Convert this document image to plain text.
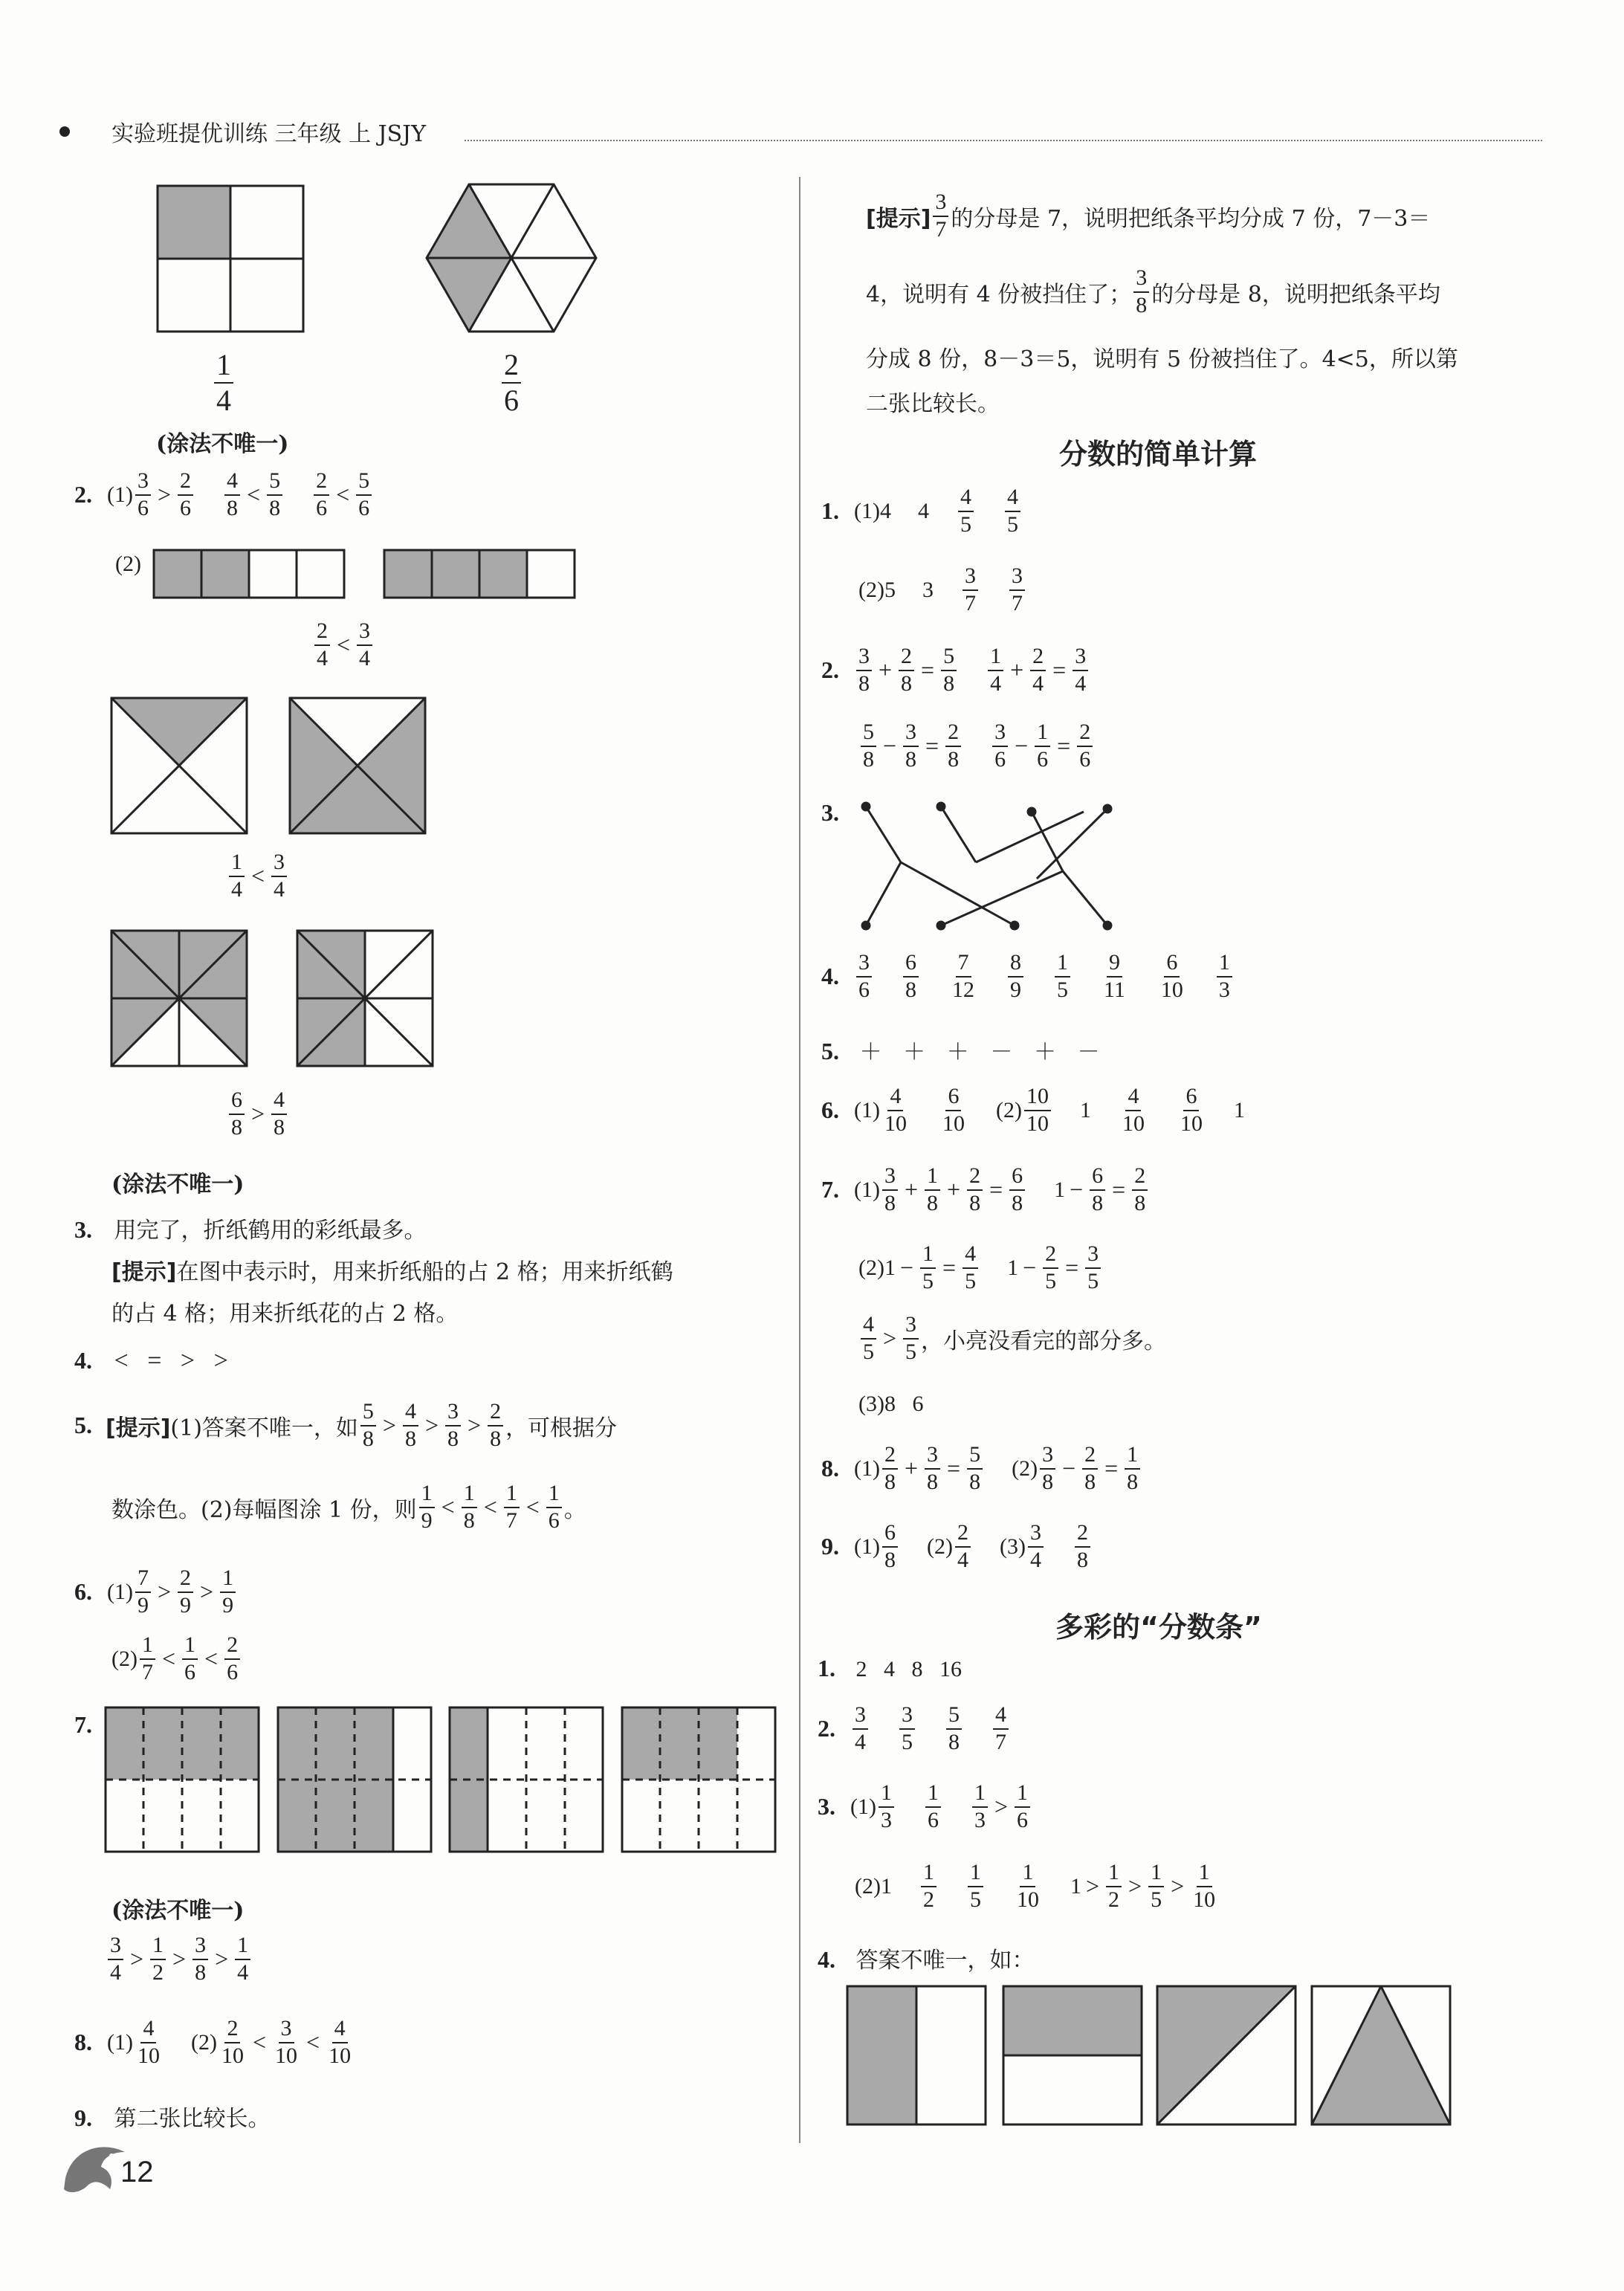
实验班提优训练 三年级 上 JSJY
$\frac{1}{4}$	$\frac{2}{6}$
(涂法不唯一)
2. $(1) \frac{3}{6} > \frac{2}{6} \frac{4}{8} < \frac{5}{8} \frac{2}{6} < \frac{5}{6}$
(2)
$\frac{2}{4} < \frac{3}{4}$
$\frac{1}{4} < \frac{3}{4}$
$\frac{6}{8} > \frac{4}{8}$
(涂法不唯一)
3. 用完了，折纸鹤用的彩纸最多。
[提示]在图中表示时，用来折纸船的占 2 格；用来折纸鹤
的占 4 格；用来折纸花的占 2 格。
4. <   =   >   >
5. [提示] (1)答案不唯一，如 $\frac{5}{8} > \frac{4}{8} > \frac{3}{8} > \frac{2}{8}$ ，可根据分
数涂色。(2)每幅图涂 1 份，则 $\frac{1}{9} < \frac{1}{8} < \frac{1}{7} < \frac{1}{6}$ 。
6. $(1) \frac{7}{9} > \frac{2}{9} > \frac{1}{9}$
$(2) \frac{1}{7} < \frac{1}{6} < \frac{2}{6}$
7.
(涂法不唯一)
$\frac{3}{4} > \frac{1}{2} > \frac{3}{8} > \frac{1}{4}$
8. $(1) \frac{4}{10} (2) \frac{2}{10} < \frac{3}{10} < \frac{4}{10}$
9. 第二张比较长。
12
[提示] $\frac{3}{7}$ 的分母是 7，说明把纸条平均分成 7 份，7－3＝
4，说明有 4 份被挡住了； $\frac{3}{8}$ 的分母是 8，说明把纸条平均
分成 8 份，8－3＝5，说明有 5 份被挡住了。4<5，所以第
二张比较长。
分数的简单计算
1. (1)4 $4 \frac{4}{5} \frac{4}{5}$
(2)5 $3 \frac{3}{7} \frac{3}{7}$
2. $\frac{3}{8} + \frac{2}{8} = \frac{5}{8} \frac{1}{4} + \frac{2}{4} = \frac{3}{4}$
$\frac{5}{8} - \frac{3}{8} = \frac{2}{8} \frac{3}{6} - \frac{1}{6} = \frac{2}{6}$
3.
4. $\frac{3}{6} \frac{6}{8} \frac{7}{12} \frac{8}{9} \frac{1}{5} \frac{9}{11} \frac{6}{10} \frac{1}{3}$
5. ＋   ＋   ＋   －   ＋   －
6. $(1) \frac{4}{10} \frac{6}{10} (2) \frac{10}{10} 1 \frac{4}{10} \frac{6}{10} 1$
7. $(1) \frac{3}{8} + \frac{1}{8} + \frac{2}{8} = \frac{6}{8} 1 - \frac{6}{8} = \frac{2}{8}$
$(2)1 - \frac{1}{5} = \frac{4}{5} 1 - \frac{2}{5} = \frac{3}{5}$
$\frac{4}{5} > \frac{3}{5}$ ，小亮没看完的部分多。
(3)8   6
8. $(1) \frac{2}{8} + \frac{3}{8} = \frac{5}{8} (2) \frac{3}{8} - \frac{2}{8} = \frac{1}{8}$
9. $(1) \frac{6}{8} (2) \frac{2}{4} (3) \frac{3}{4} \frac{2}{8}$
多彩的“分数条”
1. 2   4   8   16
2. $\frac{3}{4} \frac{3}{5} \frac{5}{8} \frac{4}{7}$
3. $(1) \frac{1}{3} \frac{1}{6} \frac{1}{3} > \frac{1}{6}$
$(2)1 \frac{1}{2} \frac{1}{5} \frac{1}{10} 1 > \frac{1}{2} > \frac{1}{5} > \frac{1}{10}$
4. 答案不唯一，如：
